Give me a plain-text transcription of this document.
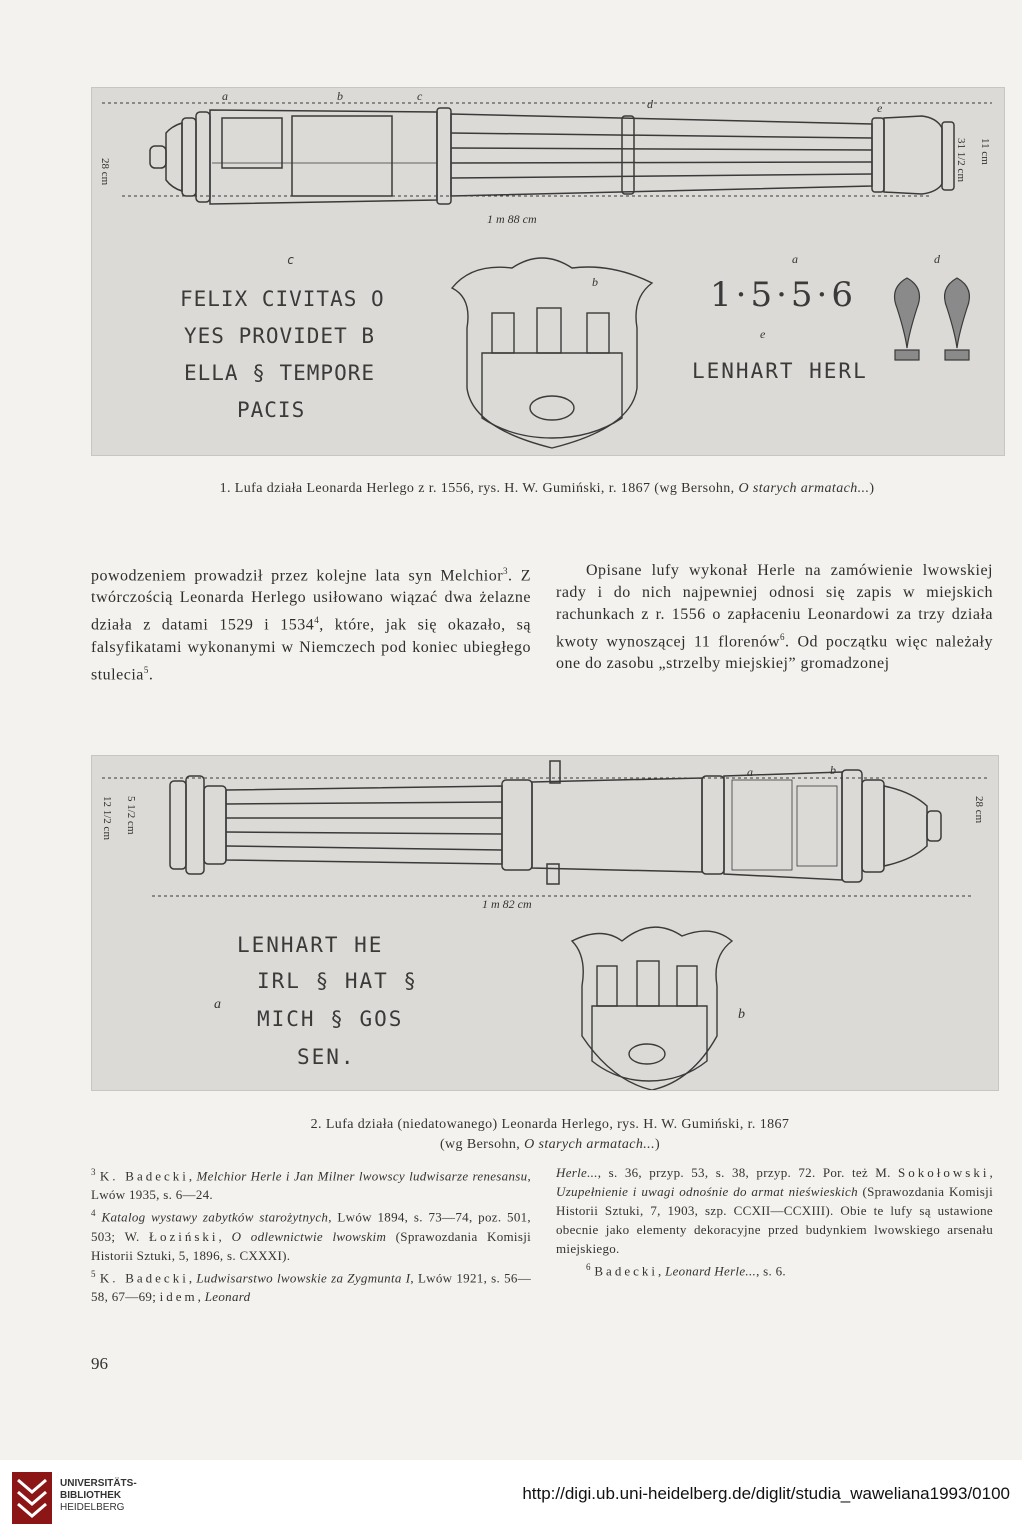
a	b	c
d	e
1 m 88 cm
28 cm	31 1/2 cm 11 cm
c
FELIX CIVITAS O
YES PROVIDET B
ELLA § TEMPORE
PACIS
b
a
1·5·5·6
e
LENHART HERL
d
1. Lufa działa Leonarda Herlego z r. 1556, rys. H. W. Gumiński, r. 1867 (wg Bersohn, O starych armatach...)

powodzeniem prowadził przez kolejne lata syn Melchior$^3$. Z twórczością Leonarda Herlego usiłowano wiązać dwa żelazne działa z datami 1529 i 1534$^4$, które, jak się okazało, są falsyfikatami wykonanymi w Niemczech pod koniec ubiegłego stulecia$^5$.

Opisane lufy wykonał Herle na zamówienie lwowskiej rady i do nich najpewniej odnosi się zapis w miejskich rachunkach z r. 1556 o zapłaceniu Leonardowi za trzy działa kwoty wynoszącej 11 florenów$^6$. Od początku więc należały one do zasobu „strzelby miejskiej” gromadzonej

a	b
1 m 82 cm
12 1/2 cm 5 1/2 cm	28 cm
a
LENHART HE
IRL § HAT §
MICH § GOS
SEN.
b
2. Lufa działa (niedatowanego) Leonarda Herlego, rys. H. W. Gumiński, r. 1867
(wg Bersohn, O starych armatach...)

$^3$ K. Badecki, Melchior Herle i Jan Milner lwowscy ludwisarze renesansu, Lwów 1935, s. 6—24.

$^4$ Katalog wystawy zabytków starożytnych, Lwów 1894, s. 73—74, poz. 501, 503; W. Łoziński, O odlewnictwie lwowskim (Sprawozdania Komisji Historii Sztuki, 5, 1896, s. CXXXI).

$^5$ K. Badecki, Ludwisarstwo lwowskie za Zygmunta I, Lwów 1921, s. 56—58, 67—69; idem, Leonard

Herle..., s. 36, przyp. 53, s. 38, przyp. 72. Por. też M. Sokołowski, Uzupełnienie i uwagi odnośnie do armat nieświeskich (Sprawozdania Komisji Historii Sztuki, 7, 1903, szp. CCXII—CCXIII). Obie te lufy są ustawione obecnie jako elementy dekoracyjne przed budynkiem lwowskiego arsenału miejskiego.

$^6$ Badecki, Leonard Herle..., s. 6.

96
UNIVERSITÄTS-
BIBLIOTHEK
HEIDELBERG
http://digi.ub.uni-heidelberg.de/diglit/studia_waweliana1993/0100
